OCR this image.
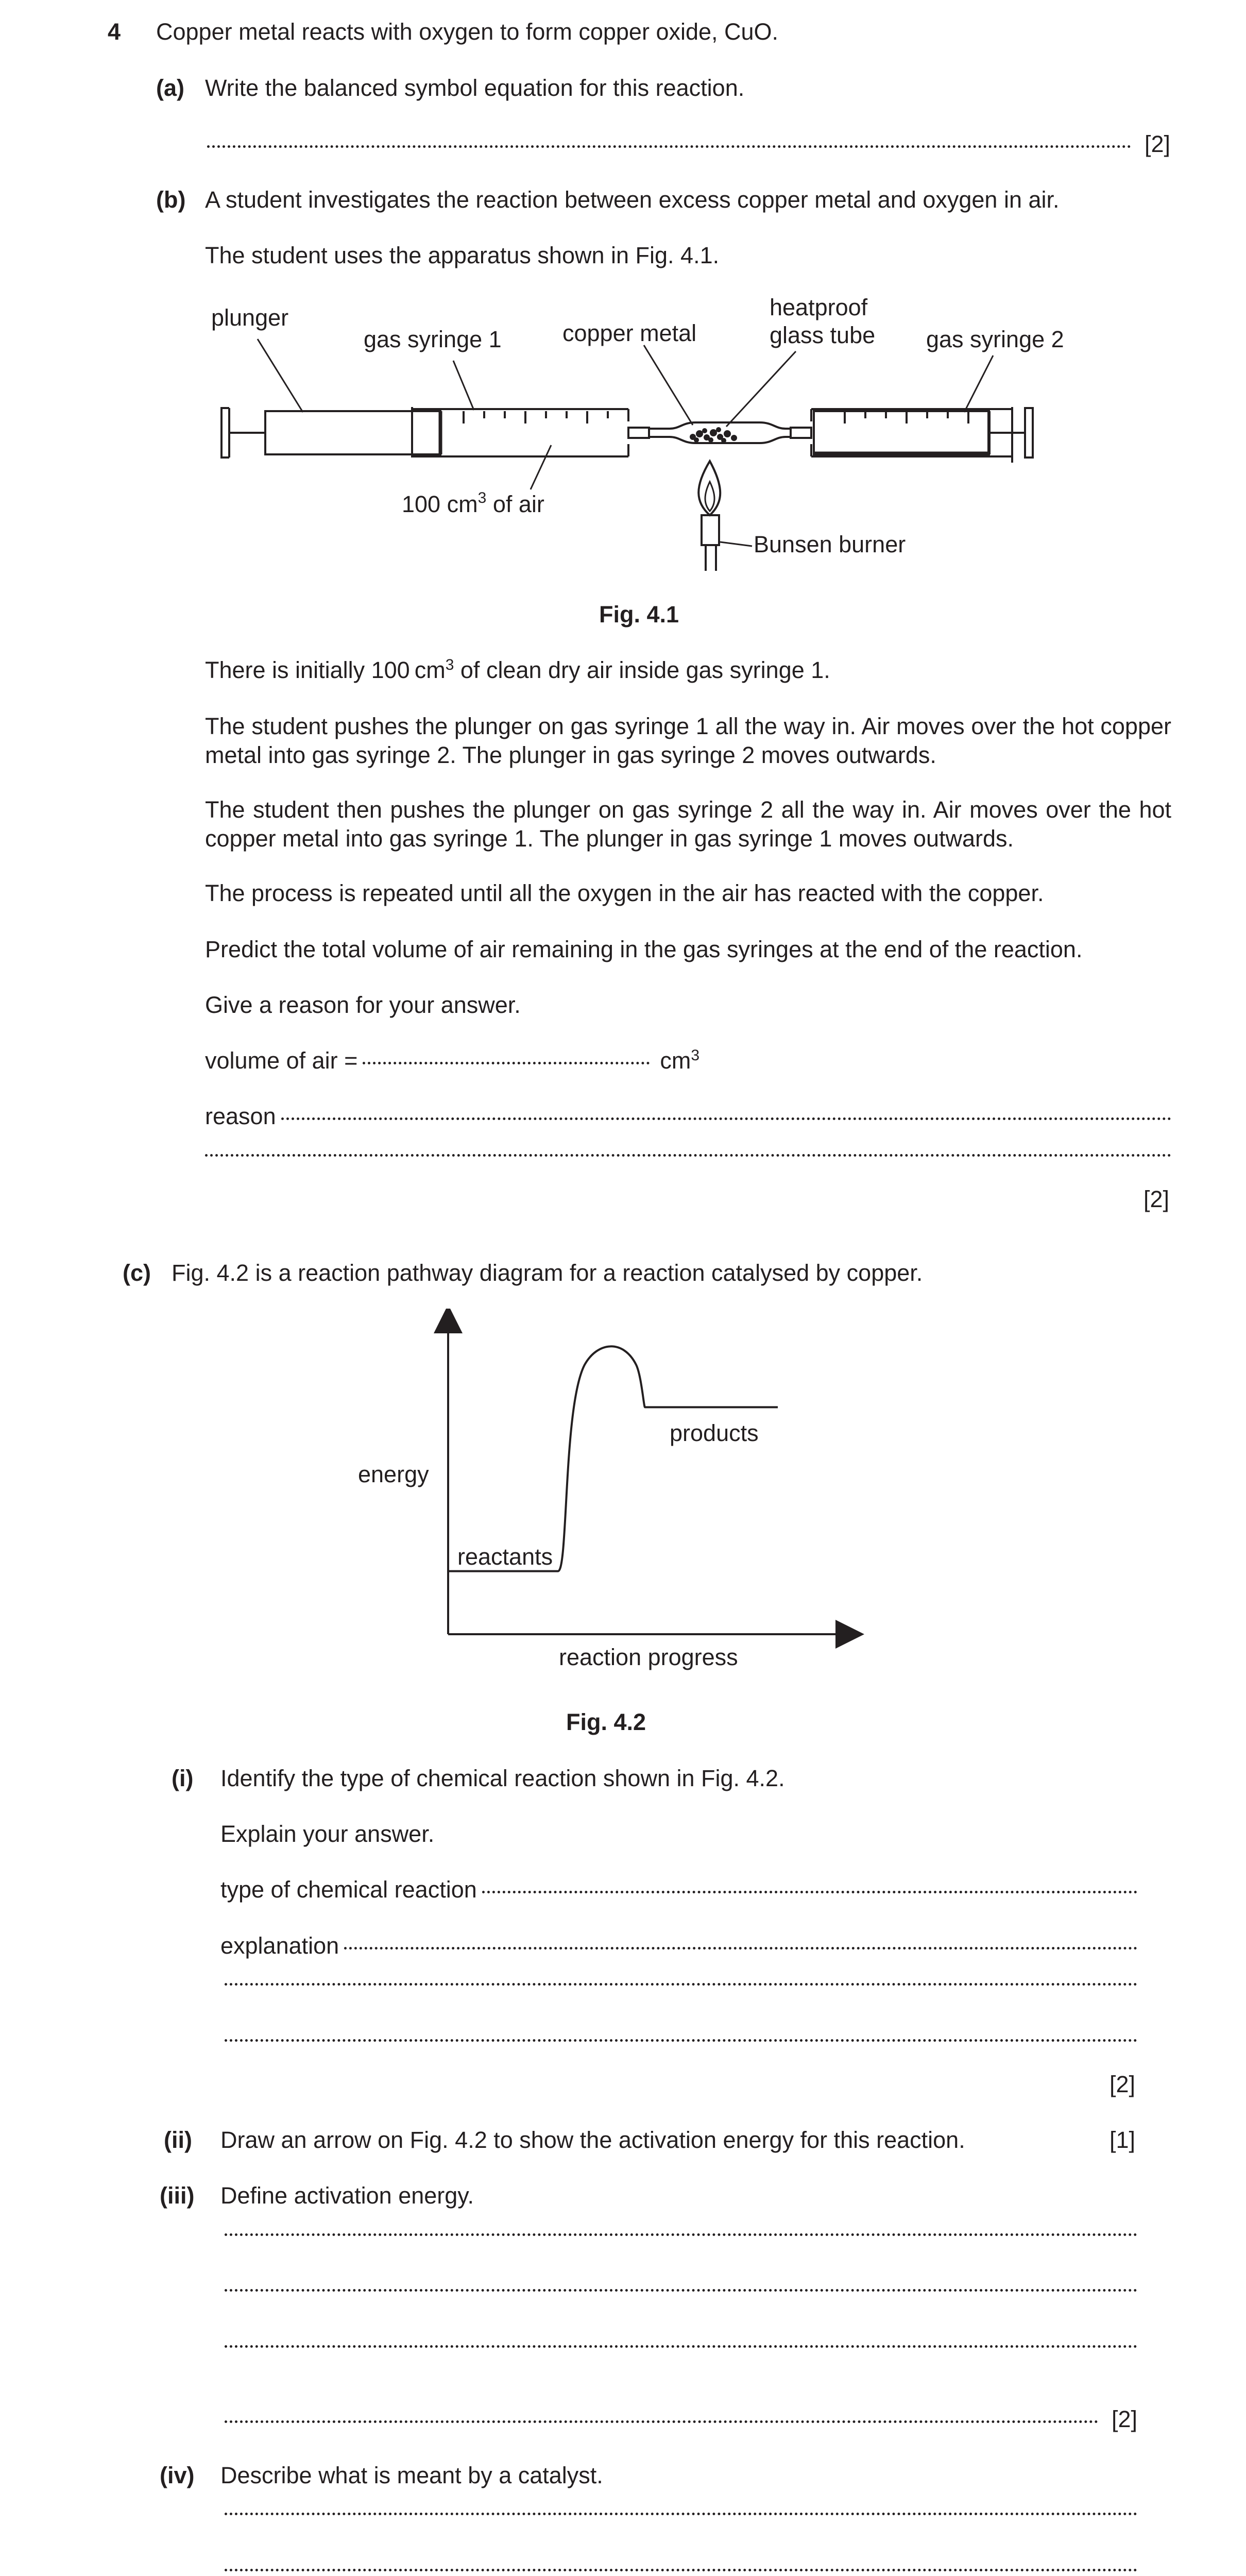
4 Copper metal reacts with oxygen to form copper oxide, CuO.
(a) Write the balanced symbol equation for this reaction.
[2]
(b) A student investigates the reaction between excess copper metal and oxygen in air.
The student uses the apparatus shown in Fig. 4.1.
plunger
gas syringe 1	copper metal
heatproof
glass tube gas syringe 2
100 $cm^3$ of air
Bunsen burner
Fig. 4.1
There is initially 100  $cm^3$ of clean dry air inside gas syringe 1.
The student pushes the plunger on gas syringe 1 all the way in. Air moves over the hot copper metal into gas syringe 2. The plunger in gas syringe 2 moves outwards.
The student then pushes the plunger on gas syringe 2 all the way in. Air moves over the hot copper metal into gas syringe 1. The plunger in gas syringe 1 moves outwards.
The process is repeated until all the oxygen in the air has reacted with the copper.
Predict the total volume of air remaining in the gas syringes at the end of the reaction.
Give a reason for your answer.
volume of air =	$cm^3$
reason
[2]
(c) Fig. 4.2 is a reaction pathway diagram for a reaction catalysed by copper.
energy
reaction progress
reactants
products
Fig. 4.2
(i) Identify the type of chemical reaction shown in Fig. 4.2.
Explain your answer.
type of chemical reaction
explanation
[2]
(ii) Draw an arrow on Fig. 4.2 to show the activation energy for this reaction.	[1]
(iii) Define activation energy.
[2]
(iv) Describe what is meant by a catalyst.
